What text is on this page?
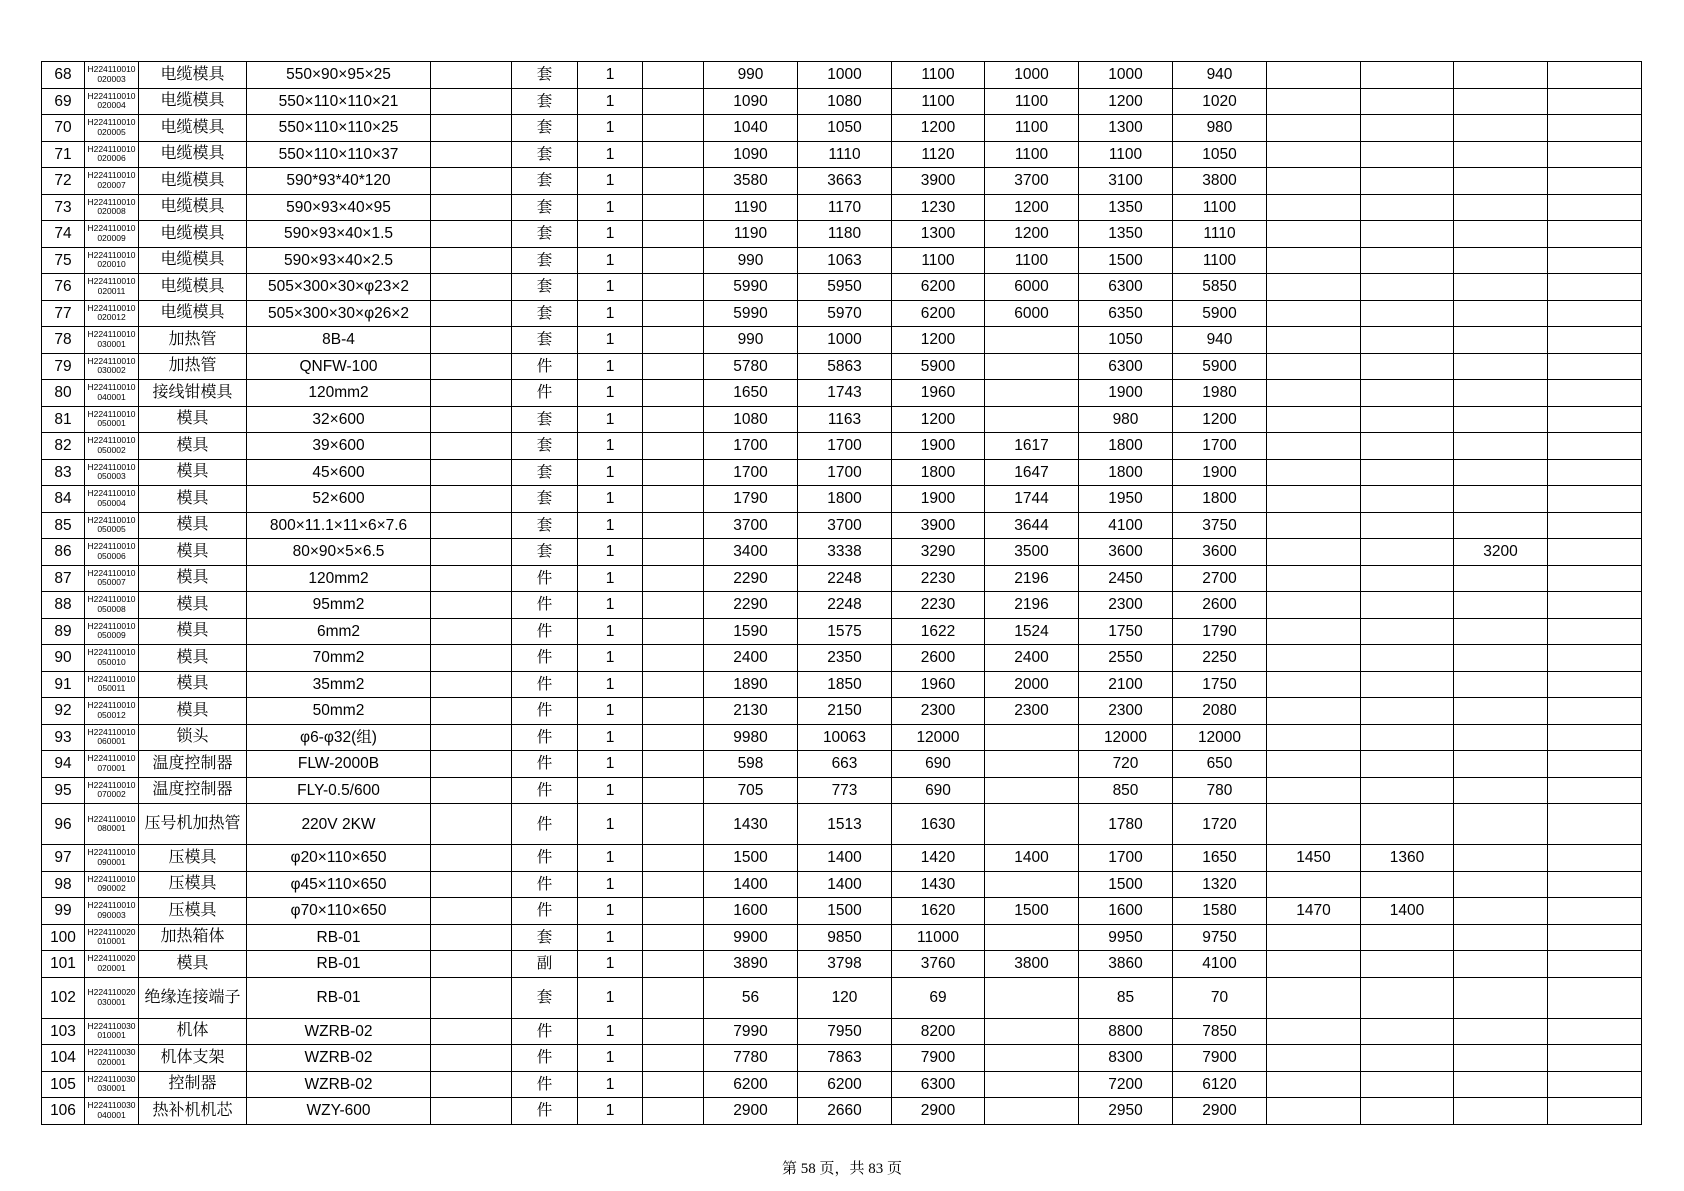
68	H224110010020003	电缆模具	550×90×95×25		套	1		990	1000	1100	1000	1000	940				
69	H224110010020004	电缆模具	550×110×110×21		套	1		1090	1080	1100	1100	1200	1020				
70	H224110010020005	电缆模具	550×110×110×25		套	1		1040	1050	1200	1100	1300	980				
71	H224110010020006	电缆模具	550×110×110×37		套	1		1090	1110	1120	1100	1100	1050				
72	H224110010020007	电缆模具	590*93*40*120		套	1		3580	3663	3900	3700	3100	3800				
73	H224110010020008	电缆模具	590×93×40×95		套	1		1190	1170	1230	1200	1350	1100				
74	H224110010020009	电缆模具	590×93×40×1.5		套	1		1190	1180	1300	1200	1350	1110				
75	H224110010020010	电缆模具	590×93×40×2.5		套	1		990	1063	1100	1100	1500	1100				
76	H224110010020011	电缆模具	505×300×30×φ23×2		套	1		5990	5950	6200	6000	6300	5850				
77	H224110010020012	电缆模具	505×300×30×φ26×2		套	1		5990	5970	6200	6000	6350	5900				
78	H224110010030001	加热管	8B-4		套	1		990	1000	1200		1050	940				
79	H224110010030002	加热管	QNFW-100		件	1		5780	5863	5900		6300	5900				
80	H224110010040001	接线钳模具	120mm2		件	1		1650	1743	1960		1900	1980				
81	H224110010050001	模具	32×600		套	1		1080	1163	1200		980	1200				
82	H224110010050002	模具	39×600		套	1		1700	1700	1900	1617	1800	1700				
83	H224110010050003	模具	45×600		套	1		1700	1700	1800	1647	1800	1900				
84	H224110010050004	模具	52×600		套	1		1790	1800	1900	1744	1950	1800				
85	H224110010050005	模具	800×11.1×11×6×7.6		套	1		3700	3700	3900	3644	4100	3750				
86	H224110010050006	模具	80×90×5×6.5		套	1		3400	3338	3290	3500	3600	3600			3200	
87	H224110010050007	模具	120mm2		件	1		2290	2248	2230	2196	2450	2700				
88	H224110010050008	模具	95mm2		件	1		2290	2248	2230	2196	2300	2600				
89	H224110010050009	模具	6mm2		件	1		1590	1575	1622	1524	1750	1790				
90	H224110010050010	模具	70mm2		件	1		2400	2350	2600	2400	2550	2250				
91	H224110010050011	模具	35mm2		件	1		1890	1850	1960	2000	2100	1750				
92	H224110010050012	模具	50mm2		件	1		2130	2150	2300	2300	2300	2080				
93	H224110010060001	锁头	φ6-φ32(组)		件	1		9980	10063	12000		12000	12000				
94	H224110010070001	温度控制器	FLW-2000B		件	1		598	663	690		720	650				
95	H224110010070002	温度控制器	FLY-0.5/600		件	1		705	773	690		850	780				
96	H224110010080001	压号机加热管	220V 2KW		件	1		1430	1513	1630		1780	1720				
97	H224110010090001	压模具	φ20×110×650		件	1		1500	1400	1420	1400	1700	1650	1450	1360		
98	H224110010090002	压模具	φ45×110×650		件	1		1400	1400	1430		1500	1320				
99	H224110010090003	压模具	φ70×110×650		件	1		1600	1500	1620	1500	1600	1580	1470	1400		
100	H224110020010001	加热箱体	RB-01		套	1		9900	9850	11000		9950	9750				
101	H224110020020001	模具	RB-01		副	1		3890	3798	3760	3800	3860	4100				
102	H224110020030001	绝缘连接端子	RB-01		套	1		56	120	69		85	70				
103	H224110030010001	机体	WZRB-02		件	1		7990	7950	8200		8800	7850				
104	H224110030020001	机体支架	WZRB-02		件	1		7780	7863	7900		8300	7900				
105	H224110030030001	控制器	WZRB-02		件	1		6200	6200	6300		7200	6120				
106	H224110030040001	热补机机芯	WZY-600		件	1		2900	2660	2900		2950	2900				
第 58 页，共 83 页
